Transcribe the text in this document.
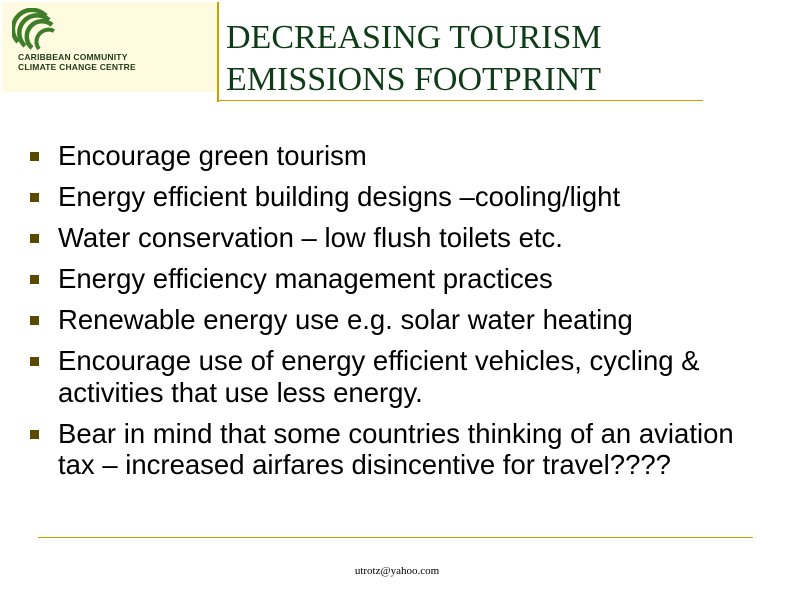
CARIBBEAN COMMUNITY
CLIMATE CHANGE CENTRE
DECREASING TOURISM
EMISSIONS FOOTPRINT
Encourage green tourism
Energy efficient building designs –cooling/light
Water conservation – low flush toilets etc.
Energy efficiency management practices
Renewable energy use e.g. solar water heating
Encourage use of energy efficient vehicles, cycling & activities that use less energy.
Bear in mind that some countries thinking of an aviation tax – increased airfares disincentive for travel????
utrotz@yahoo.com
